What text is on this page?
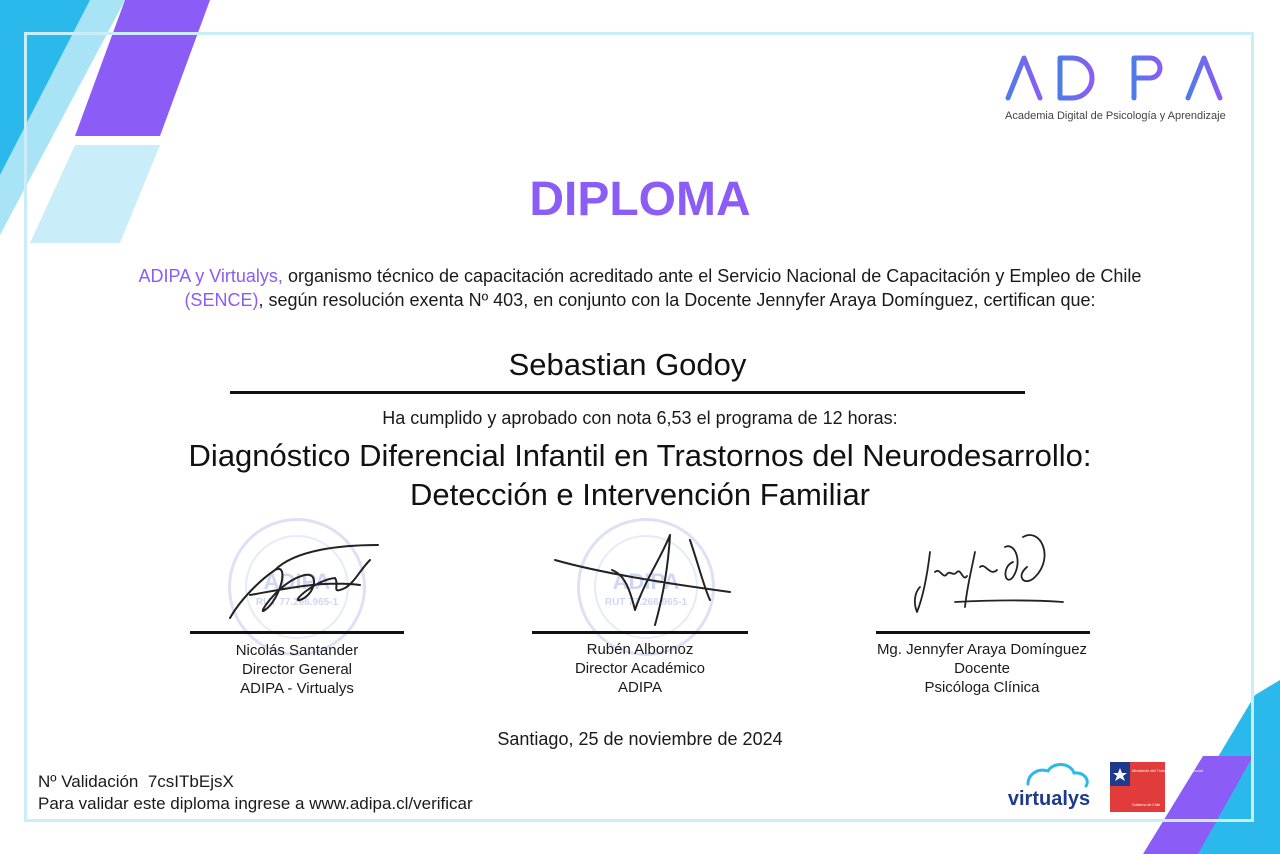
Academia Digital de Psicología y Aprendizaje
DIPLOMA
ADIPA y Virtualys, organismo técnico de capacitación acreditado ante el Servicio Nacional de Capacitación y Empleo de Chile (SENCE), según resolución exenta Nº 403, en conjunto con la Docente Jennyfer Araya Domínguez, certifican que:
Sebastian Godoy
Ha cumplido y aprobado con nota 6,53 el programa de 12 horas:
Diagnóstico Diferencial Infantil en Trastornos del Neurodesarrollo:
Detección e Intervención Familiar
ADIPA
RUT 77.266.965-1
ADIPA
RUT 77.266.965-1
Nicolás Santander
Director General
ADIPA - Virtualys
Rubén Albornoz
Director Académico
ADIPA
Mg. Jennyfer Araya Domínguez
Docente
Psicóloga Clínica
Santiago, 25 de noviembre de 2024
Nº Validación 7csITbEjsX
Para validar este diploma ingrese a www.adipa.cl/verificar	virtualys
Ministerio del Trabajo y Previsión Social
Gobierno de Chile
